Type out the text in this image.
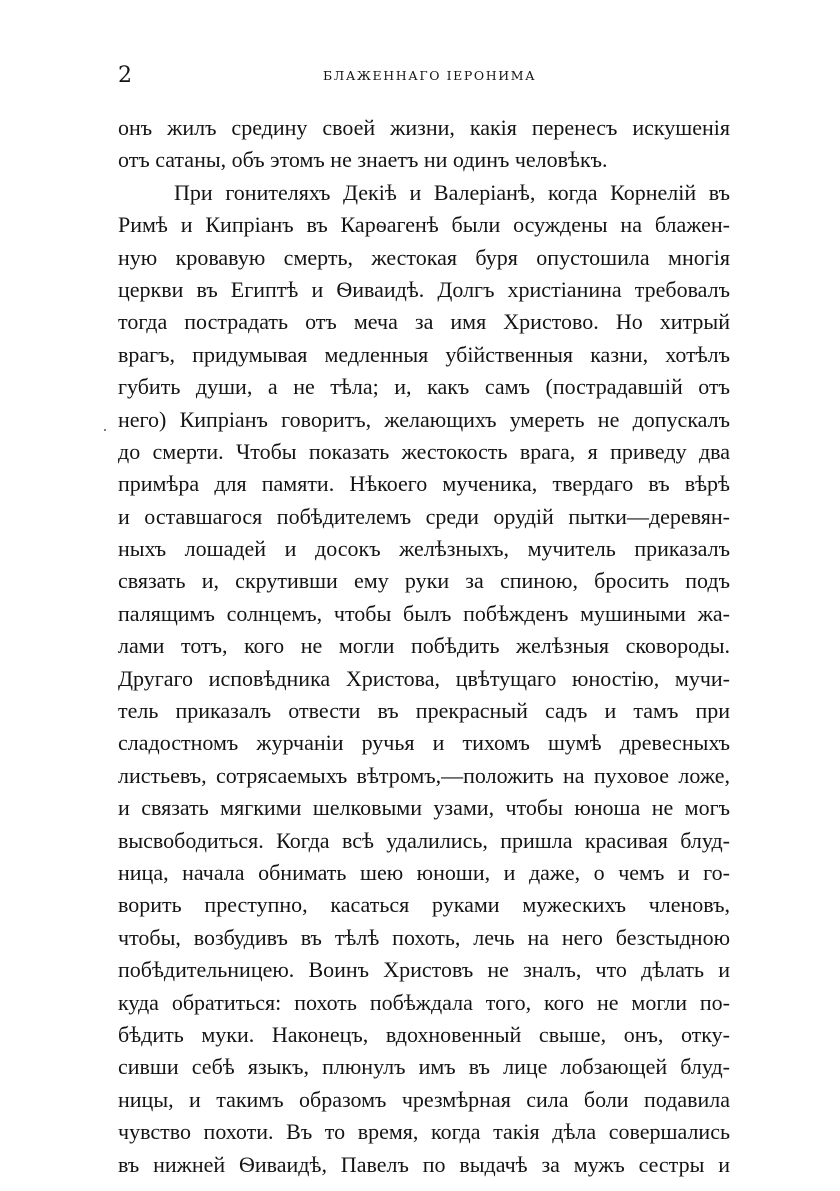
2	БЛАЖЕННАГО ІЕРОНИМА
онъ жилъ средину своей жизни, какія перенесъ искушенія
отъ сатаны, объ этомъ не знаетъ ни одинъ человѣкъ.
При гонителяхъ Декіѣ и Валеріанѣ, когда Корнелій въ
Римѣ и Кипріанъ въ Карѳагенѣ были осуждены на блажен-
ную кровавую смерть, жестокая буря опустошила многія
церкви въ Египтѣ и Ѳиваидѣ. Долгъ христіанина требовалъ
тогда пострадать отъ меча за имя Христово. Но хитрый
врагъ, придумывая медленныя убійственныя казни, хотѣлъ
губить души, а не тѣла; и, какъ самъ (пострадавшій отъ
него) Кипріанъ говоритъ, желающихъ умереть не допускалъ
до смерти. Чтобы показать жестокость врага, я приведу два
примѣра для памяти. Нѣкоего мученика, твердаго въ вѣрѣ
и оставшагося побѣдителемъ среди орудій пытки—деревян-
ныхъ лошадей и досокъ желѣзныхъ, мучитель приказалъ
связать и, скрутивши ему руки за спиною, бросить подъ
палящимъ солнцемъ, чтобы былъ побѣжденъ мушиными жа-
лами тотъ, кого не могли побѣдить желѣзныя сковороды.
Другаго исповѣдника Христова, цвѣтущаго юностію, мучи-
тель приказалъ отвести въ прекрасный садъ и тамъ при
сладостномъ журчаніи ручья и тихомъ шумѣ древесныхъ
листьевъ, сотрясаемыхъ вѣтромъ,—положить на пуховое ложе,
и связать мягкими шелковыми узами, чтобы юноша не могъ
высвободиться. Когда всѣ удалились, пришла красивая блуд-
ница, начала обнимать шею юноши, и даже, о чемъ и го-
ворить преступно, касаться руками мужескихъ членовъ,
чтобы, возбудивъ въ тѣлѣ похоть, лечь на него безстыдною
побѣдительницею. Воинъ Христовъ не зналъ, что дѣлать и
куда обратиться: похоть побѣждала того, кого не могли по-
бѣдить муки. Наконецъ, вдохновенный свыше, онъ, отку-
сивши себѣ языкъ, плюнулъ имъ въ лице лобзающей блуд-
ницы, и такимъ образомъ чрезмѣрная сила боли подавила
чувство похоти. Въ то время, когда такія дѣла совершались
въ нижней Ѳиваидѣ, Павелъ по выдачѣ за мужъ сестры и
